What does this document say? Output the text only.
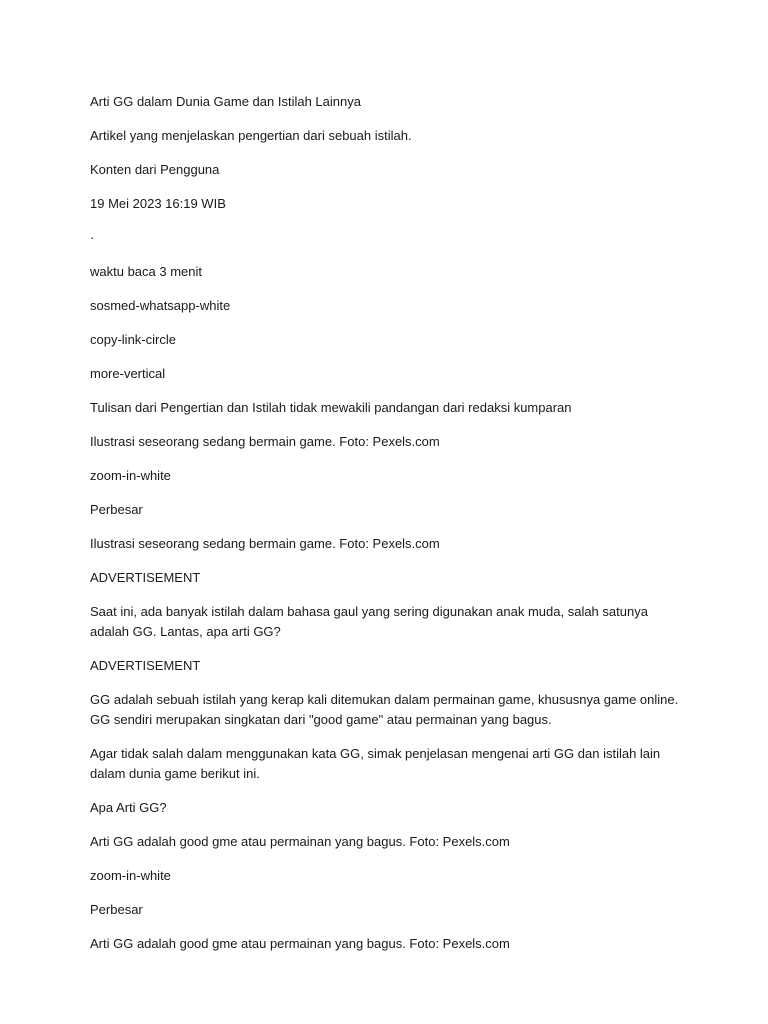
Arti GG dalam Dunia Game dan Istilah Lainnya

Artikel yang menjelaskan pengertian dari sebuah istilah.

Konten dari Pengguna

19 Mei 2023 16:19 WIB

·

waktu baca 3 menit

sosmed-whatsapp-white

copy-link-circle

more-vertical

Tulisan dari Pengertian dan Istilah tidak mewakili pandangan dari redaksi kumparan

Ilustrasi seseorang sedang bermain game. Foto: Pexels.com

zoom-in-white

Perbesar

Ilustrasi seseorang sedang bermain game. Foto: Pexels.com

ADVERTISEMENT

Saat ini, ada banyak istilah dalam bahasa gaul yang sering digunakan anak muda, salah satunya adalah GG. Lantas, apa arti GG?

ADVERTISEMENT

GG adalah sebuah istilah yang kerap kali ditemukan dalam permainan game, khususnya game online. GG sendiri merupakan singkatan dari "good game" atau permainan yang bagus.

Agar tidak salah dalam menggunakan kata GG, simak penjelasan mengenai arti GG dan istilah lain dalam dunia game berikut ini.

Apa Arti GG?

Arti GG adalah good gme atau permainan yang bagus. Foto: Pexels.com

zoom-in-white

Perbesar

Arti GG adalah good gme atau permainan yang bagus. Foto: Pexels.com
